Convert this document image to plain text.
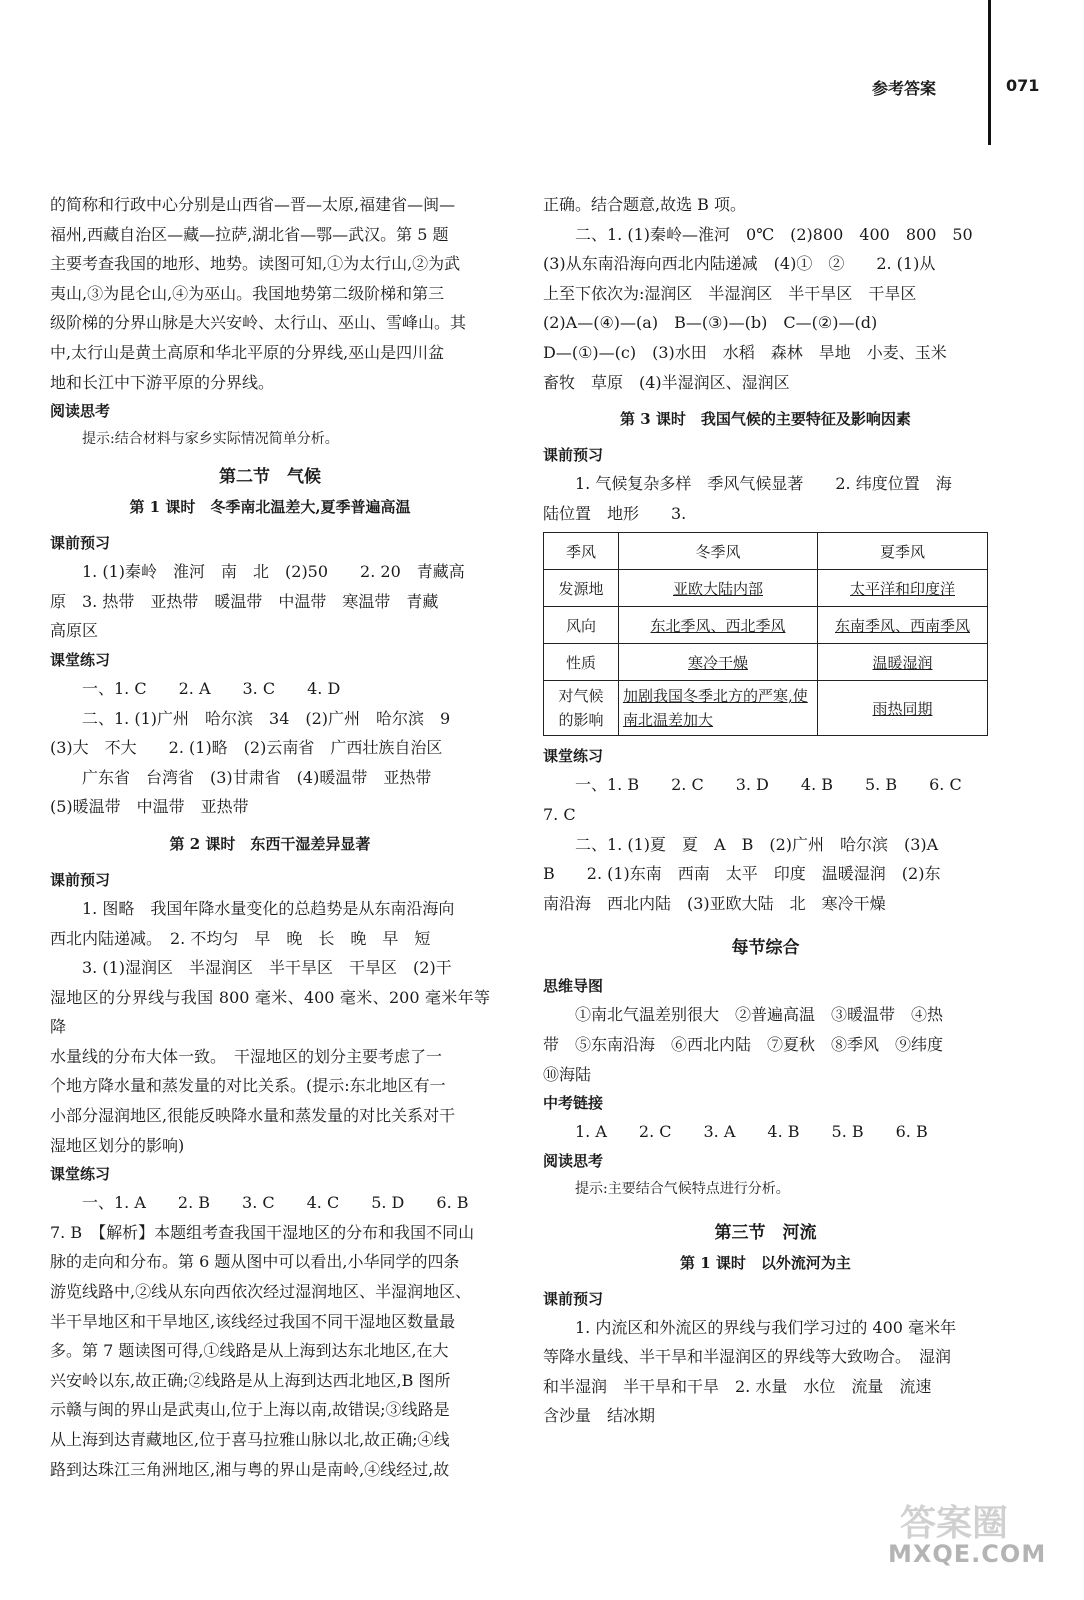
参考答案	071

的简称和行政中心分别是山西省—晋—太原,福建省—闽—

福州,西藏自治区—藏—拉萨,湖北省—鄂—武汉。第 5 题

主要考查我国的地形、地势。读图可知,①为太行山,②为武

夷山,③为昆仑山,④为巫山。我国地势第二级阶梯和第三

级阶梯的分界山脉是大兴安岭、太行山、巫山、雪峰山。其

中,太行山是黄土高原和华北平原的分界线,巫山是四川盆

地和长江中下游平原的分界线。

阅读思考
提示:结合材料与家乡实际情况简单分析。
第二节　气候
第 1 课时　冬季南北温差大,夏季普遍高温
课前预习

1. (1)秦岭　淮河　南　北　(2)50　　2. 20　青藏高

原　3. 热带　亚热带　暖温带　中温带　寒温带　青藏

高原区

课堂练习

一、1. C　　2. A　　3. C　　4. D

二、1. (1)广州　哈尔滨　34　(2)广州　哈尔滨　9

(3)大　不大　　2. (1)略　(2)云南省　广西壮族自治区

广东省　台湾省　(3)甘肃省　(4)暖温带　亚热带

(5)暖温带　中温带　亚热带

第 2 课时　东西干湿差异显著
课前预习

1. 图略　我国年降水量变化的总趋势是从东南沿海向

西北内陆递减。　2. 不均匀　早　晚　长　晚　早　短

3. (1)湿润区　半湿润区　半干旱区　干旱区　(2)干

湿地区的分界线与我国 800 毫米、400 毫米、200 毫米年等降

水量线的分布大体一致。　干湿地区的划分主要考虑了一

个地方降水量和蒸发量的对比关系。(提示:东北地区有一

小部分湿润地区,很能反映降水量和蒸发量的对比关系对干

湿地区划分的影响)

课堂练习

一、1. A　　2. B　　3. C　　4. C　　5. D　　6. B

7. B　【解析】本题组考查我国干湿地区的分布和我国不同山

脉的走向和分布。第 6 题从图中可以看出,小华同学的四条

游览线路中,②线从东向西依次经过湿润地区、半湿润地区、

半干旱地区和干旱地区,该线经过我国不同干湿地区数量最

多。第 7 题读图可得,①线路是从上海到达东北地区,在大

兴安岭以东,故正确;②线路是从上海到达西北地区,B 图所

示赣与闽的界山是武夷山,位于上海以南,故错误;③线路是

从上海到达青藏地区,位于喜马拉雅山脉以北,故正确;④线

路到达珠江三角洲地区,湘与粤的界山是南岭,④线经过,故

正确。结合题意,故选 B 项。

二、1. (1)秦岭—淮河　0℃　(2)800　400　800　50

(3)从东南沿海向西北内陆递减　(4)①　②　　2. (1)从

上至下依次为:湿润区　半湿润区　半干旱区　干旱区

(2)A—(④)—(a)　B—(③)—(b)　C—(②)—(d)

D—(①)—(c)　(3)水田　水稻　森林　旱地　小麦、玉米

畜牧　草原　(4)半湿润区、湿润区

第 3 课时　我国气候的主要特征及影响因素
课前预习

1. 气候复杂多样　季风气候显著　　2. 纬度位置　海

陆位置　地形　　3.

季风	冬季风	夏季风
发源地	亚欧大陆内部	太平洋和印度洋
风向	东北季风、西北季风	东南季风、西南季风
性质	寒冷干燥	温暖湿润
对气候
的影响	加剧我国冬季北方的严寒,使南北温差加大	雨热同期
课堂练习

一、1. B　　2. C　　3. D　　4. B　　5. B　　6. C

7. C

二、1. (1)夏　夏　A　B　(2)广州　哈尔滨　(3)A

B　　2. (1)东南　西南　太平　印度　温暖湿润　(2)东

南沿海　西北内陆　(3)亚欧大陆　北　寒冷干燥

每节综合
思维导图

①南北气温差别很大　②普遍高温　③暖温带　④热

带　⑤东南沿海　⑥西北内陆　⑦夏秋　⑧季风　⑨纬度

⑩海陆

中考链接

1. A　　2. C　　3. A　　4. B　　5. B　　6. B

阅读思考
提示:主要结合气候特点进行分析。
第三节　河流
第 1 课时　以外流河为主
课前预习

1. 内流区和外流区的界线与我们学习过的 400 毫米年

等降水量线、半干旱和半湿润区的界线等大致吻合。　湿润

和半湿润　半干旱和干旱　2. 水量　水位　流量　流速

含沙量　结冰期

答案圈
MXQE.COM
